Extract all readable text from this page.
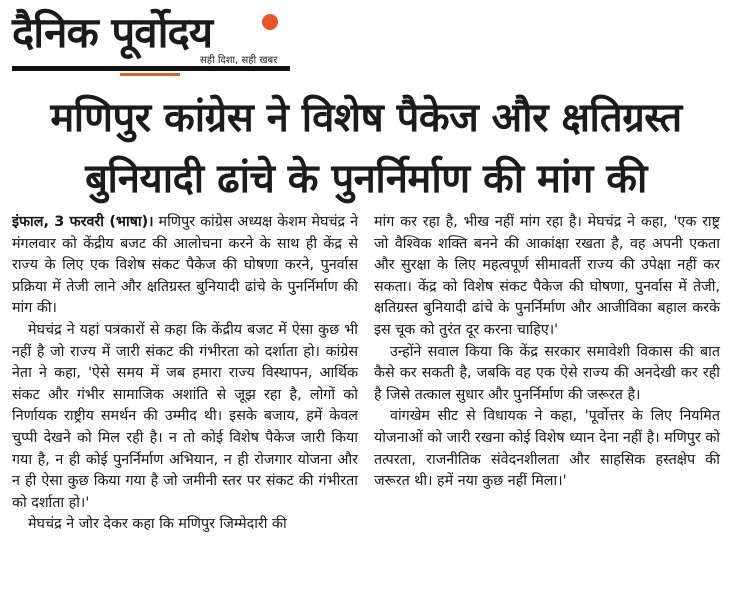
दैनिक पूर्वोदय
सही दिशा, सही खबर
मणिपुर कांग्रेस ने विशेष पैकेज और क्षतिग्रस्त
बुनियादी ढांचे के पुनर्निर्माण की मांग की

इंफाल, 3 फरवरी (भाषा)। मणिपुर कांग्रेस अध्यक्ष केशम मेघचंद्र ने मंगलवार को केंद्रीय बजट की आलोचना करने के साथ ही केंद्र से राज्य के लिए एक विशेष संकट पैकेज की घोषणा करने, पुनर्वास प्रक्रिया में तेजी लाने और क्षतिग्रस्त बुनियादी ढांचे के पुनर्निर्माण की मांग की।

मेघचंद्र ने यहां पत्रकारों से कहा कि केंद्रीय बजट में ऐसा कुछ भी नहीं है जो राज्य में जारी संकट की गंभीरता को दर्शाता हो। कांग्रेस नेता ने कहा, 'ऐसे समय में जब हमारा राज्य विस्थापन, आर्थिक संकट और गंभीर सामाजिक अशांति से जूझ रहा है, लोगों को निर्णायक राष्ट्रीय समर्थन की उम्मीद थी। इसके बजाय, हमें केवल चुप्पी देखने को मिल रही है। न तो कोई विशेष पैकेज जारी किया गया है, न ही कोई पुनर्निर्माण अभियान, न ही रोजगार योजना और न ही ऐसा कुछ किया गया है जो जमीनी स्तर पर संकट की गंभीरता को दर्शाता हो।'

मेघचंद्र ने जोर देकर कहा कि मणिपुर जिम्मेदारी की

मांग कर रहा है, भीख नहीं मांग रहा है। मेघचंद्र ने कहा, 'एक राष्ट्र जो वैश्विक शक्ति बनने की आकांक्षा रखता है, वह अपनी एकता और सुरक्षा के लिए महत्वपूर्ण सीमावर्ती राज्य की उपेक्षा नहीं कर सकता। केंद्र को विशेष संकट पैकेज की घोषणा, पुनर्वास में तेजी, क्षतिग्रस्त बुनियादी ढांचे के पुनर्निर्माण और आजीविका बहाल करके इस चूक को तुरंत दूर करना चाहिए।'

उन्होंने सवाल किया कि केंद्र सरकार समावेशी विकास की बात कैसे कर सकती है, जबकि वह एक ऐसे राज्य की अनदेखी कर रही है जिसे तत्काल सुधार और पुनर्निर्माण की जरूरत है।

वांगखेम सीट से विधायक ने कहा, 'पूर्वोत्तर के लिए नियमित योजनाओं को जारी रखना कोई विशेष ध्यान देना नहीं है। मणिपुर को तत्परता, राजनीतिक संवेदनशीलता और साहसिक हस्तक्षेप की जरूरत थी। हमें नया कुछ नहीं मिला।'
